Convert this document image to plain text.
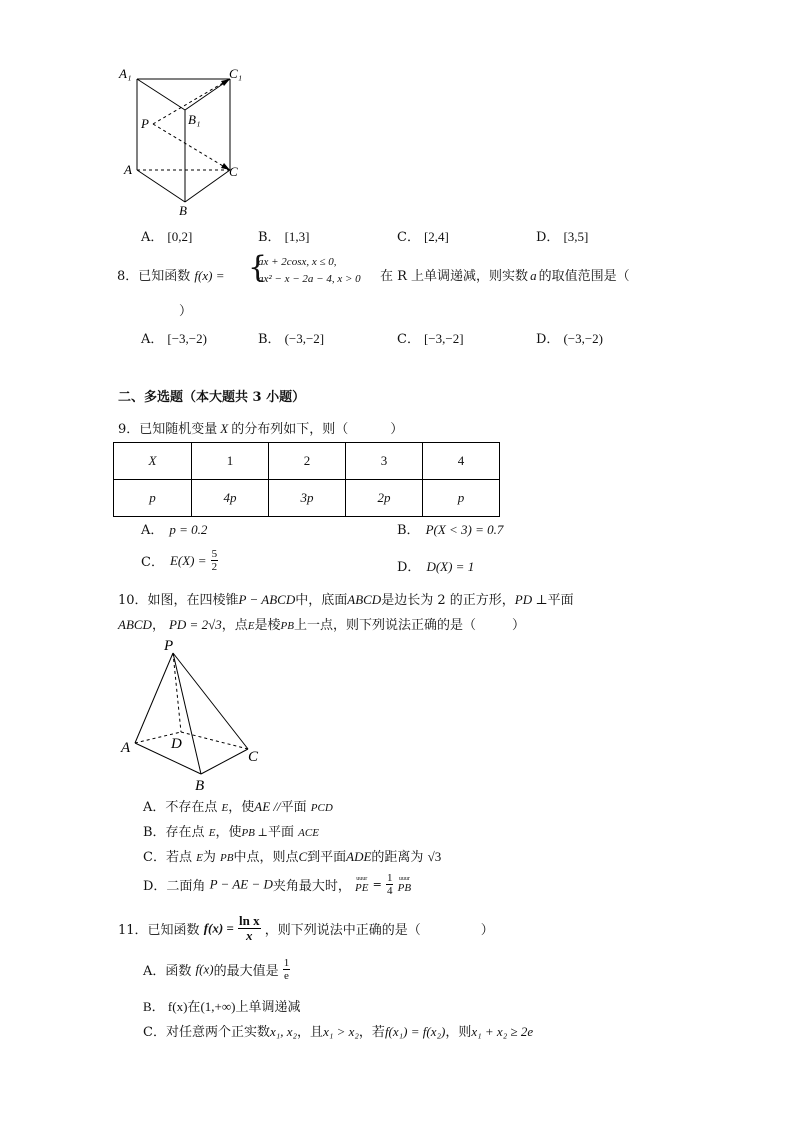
A₁	C₁
P	B₁
A	C
B
A． [0,2]	B． [1,3]	C． [2,4]	D． [3,5]
8．已知函数 f(x) = {
ax + 2cosx, x ≤ 0,
ax² − x − 2a − 4, x > 0 在 R 上单调递减，则实数 a 的取值范围是（
）
A． [−3,−2)	B． (−3,−2]	C． [−3,−2]	D． (−3,−2)
二、多选题（本大题共 3 小题）
9．已知随机变量 X 的分布列如下，则（	）
X	1	2	3	4
p	4p	3p	2p	p
A． p = 0.2	B． P(X < 3) = 0.7
C． $E(X) = \frac{5}{2}$	D． D(X) = 1
10．如图，在四棱锥P − ABCD中，底面ABCD是边长为 2 的正方形，PD ⊥平面
ABCD， PD = 2√3，点E是棱PB上一点，则下列说法正确的是（	）
P
A	D
C
B
A．不存在点 E，使AE //平面 PCD
B．存在点 E，使PB ⊥平面 ACE
C．若点 E为 PB中点，则点C到平面ADE的距离为 √3
D．二面角 P − AE − D夹角最大时，
uuur
PE = $\frac{1}{4}$
uuur
PB
11．已知函数 $f(x) = \frac{\text{ln x}}{x}$ ，则下列说法中正确的是（	）
A．函数 f(x)的最大值是 $\frac{1}{e}$
B． f(x)在(1,+∞)上单调递减
C．对任意两个正实数x₁, x₂，且x₁ > x₂，若f(x₁) = f(x₂)，则x₁ + x₂ ≥ 2e
